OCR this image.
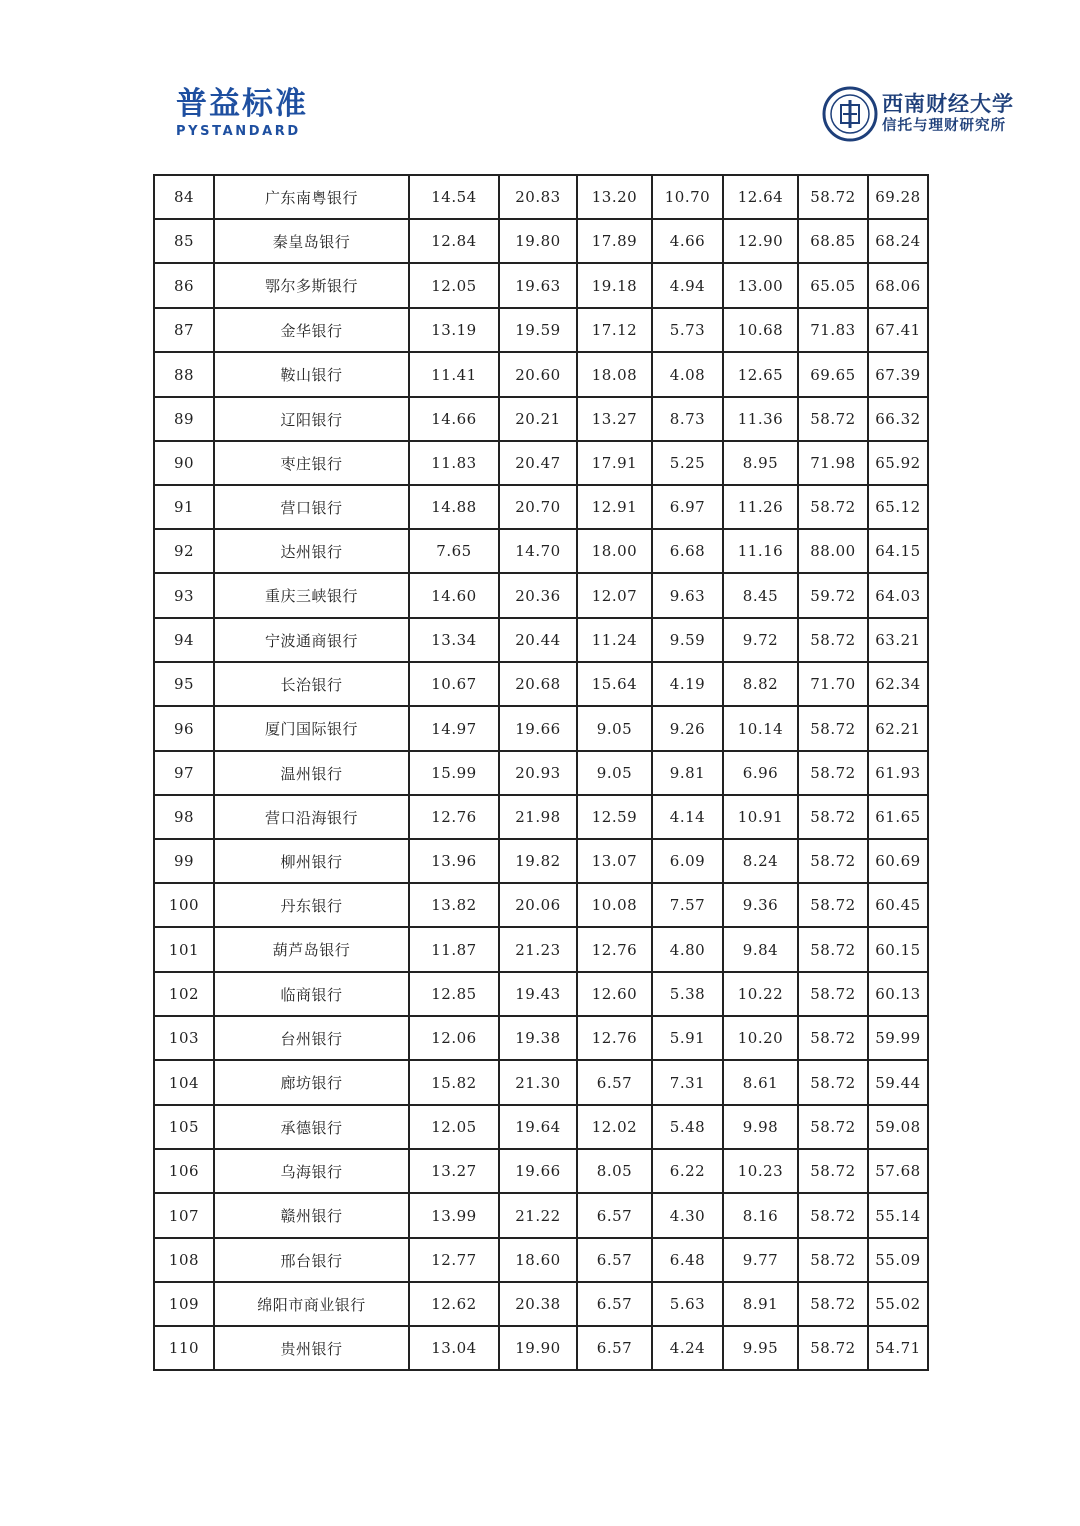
普益标准
PYSTANDARD
西南财经大学
信托与理财研究所
84	广东南粤银行	14.54	20.83	13.20	10.70	12.64	58.72	69.28
85	秦皇岛银行	12.84	19.80	17.89	4.66	12.90	68.85	68.24
86	鄂尔多斯银行	12.05	19.63	19.18	4.94	13.00	65.05	68.06
87	金华银行	13.19	19.59	17.12	5.73	10.68	71.83	67.41
88	鞍山银行	11.41	20.60	18.08	4.08	12.65	69.65	67.39
89	辽阳银行	14.66	20.21	13.27	8.73	11.36	58.72	66.32
90	枣庄银行	11.83	20.47	17.91	5.25	8.95	71.98	65.92
91	营口银行	14.88	20.70	12.91	6.97	11.26	58.72	65.12
92	达州银行	7.65	14.70	18.00	6.68	11.16	88.00	64.15
93	重庆三峡银行	14.60	20.36	12.07	9.63	8.45	59.72	64.03
94	宁波通商银行	13.34	20.44	11.24	9.59	9.72	58.72	63.21
95	长治银行	10.67	20.68	15.64	4.19	8.82	71.70	62.34
96	厦门国际银行	14.97	19.66	9.05	9.26	10.14	58.72	62.21
97	温州银行	15.99	20.93	9.05	9.81	6.96	58.72	61.93
98	营口沿海银行	12.76	21.98	12.59	4.14	10.91	58.72	61.65
99	柳州银行	13.96	19.82	13.07	6.09	8.24	58.72	60.69
100	丹东银行	13.82	20.06	10.08	7.57	9.36	58.72	60.45
101	葫芦岛银行	11.87	21.23	12.76	4.80	9.84	58.72	60.15
102	临商银行	12.85	19.43	12.60	5.38	10.22	58.72	60.13
103	台州银行	12.06	19.38	12.76	5.91	10.20	58.72	59.99
104	廊坊银行	15.82	21.30	6.57	7.31	8.61	58.72	59.44
105	承德银行	12.05	19.64	12.02	5.48	9.98	58.72	59.08
106	乌海银行	13.27	19.66	8.05	6.22	10.23	58.72	57.68
107	赣州银行	13.99	21.22	6.57	4.30	8.16	58.72	55.14
108	邢台银行	12.77	18.60	6.57	6.48	9.77	58.72	55.09
109	绵阳市商业银行	12.62	20.38	6.57	5.63	8.91	58.72	55.02
110	贵州银行	13.04	19.90	6.57	4.24	9.95	58.72	54.71
